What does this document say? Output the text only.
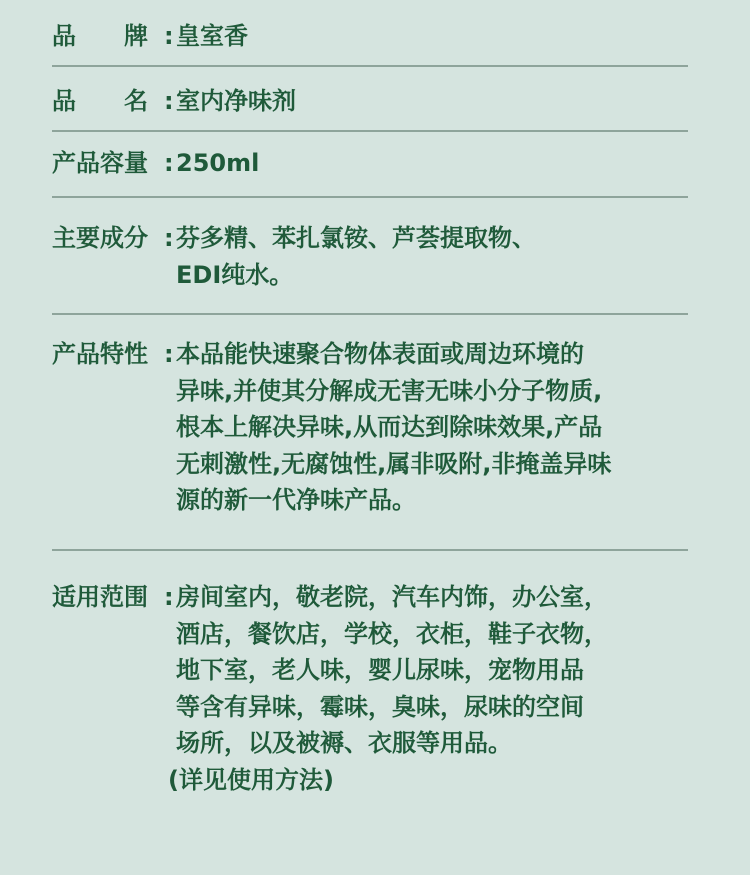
品　　牌 : 皇室香
品　　名 : 室内净味剂
产品容量 : 250ml
主要成分 : 芬多精、苯扎氯铵、芦荟提取物、
EDI纯水。
产品特性 : 本品能快速聚合物体表面或周边环境的
异味,并使其分解成无害无味小分子物质,
根本上解决异味,从而达到除味效果,产品
无刺激性,无腐蚀性,属非吸附,非掩盖异味
源的新一代净味产品。
适用范围 : 房间室内，敬老院，汽车内饰，办公室，
酒店，餐饮店，学校，衣柜，鞋子衣物，
地下室，老人味，婴儿尿味，宠物用品
等含有异味，霉味，臭味，尿味的空间
场所，以及被褥、衣服等用品。
(详见使用方法)
